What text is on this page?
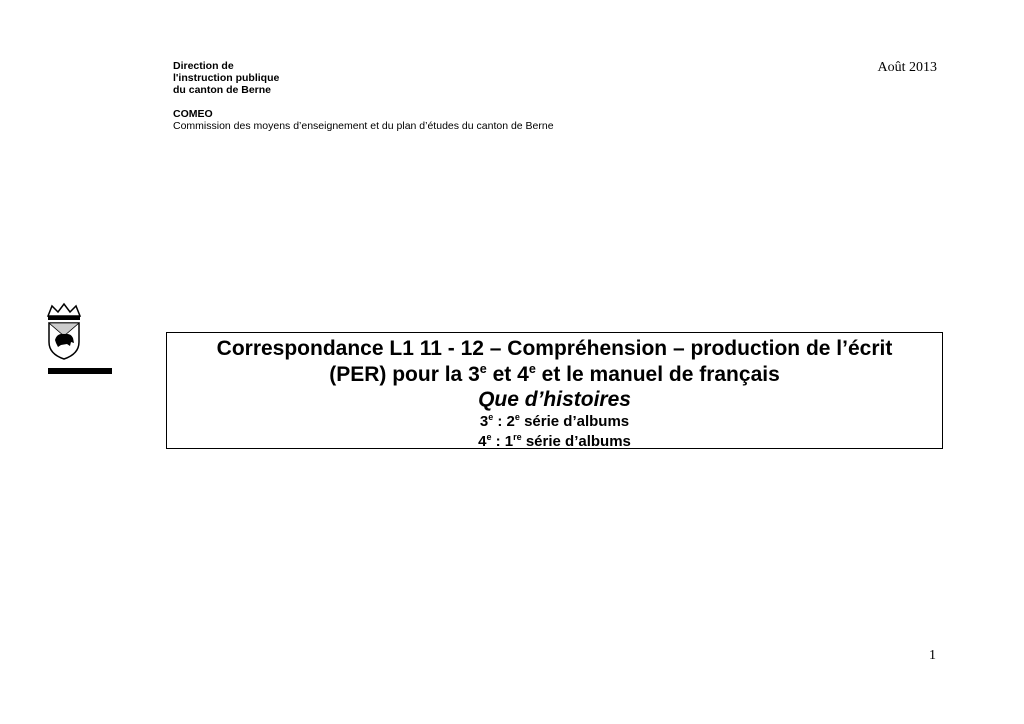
Direction de
l'instruction publique
du canton de Berne
Août 2013
COMEO
Commission des moyens d’enseignement et du plan d’études du canton de Berne
Correspondance L1 11 - 12 – Compréhension – production de l’écrit
(PER) pour la 3e et 4e et le manuel de français
Que d’histoires
3e : 2e série d’albums
4e : 1re série d’albums
1
